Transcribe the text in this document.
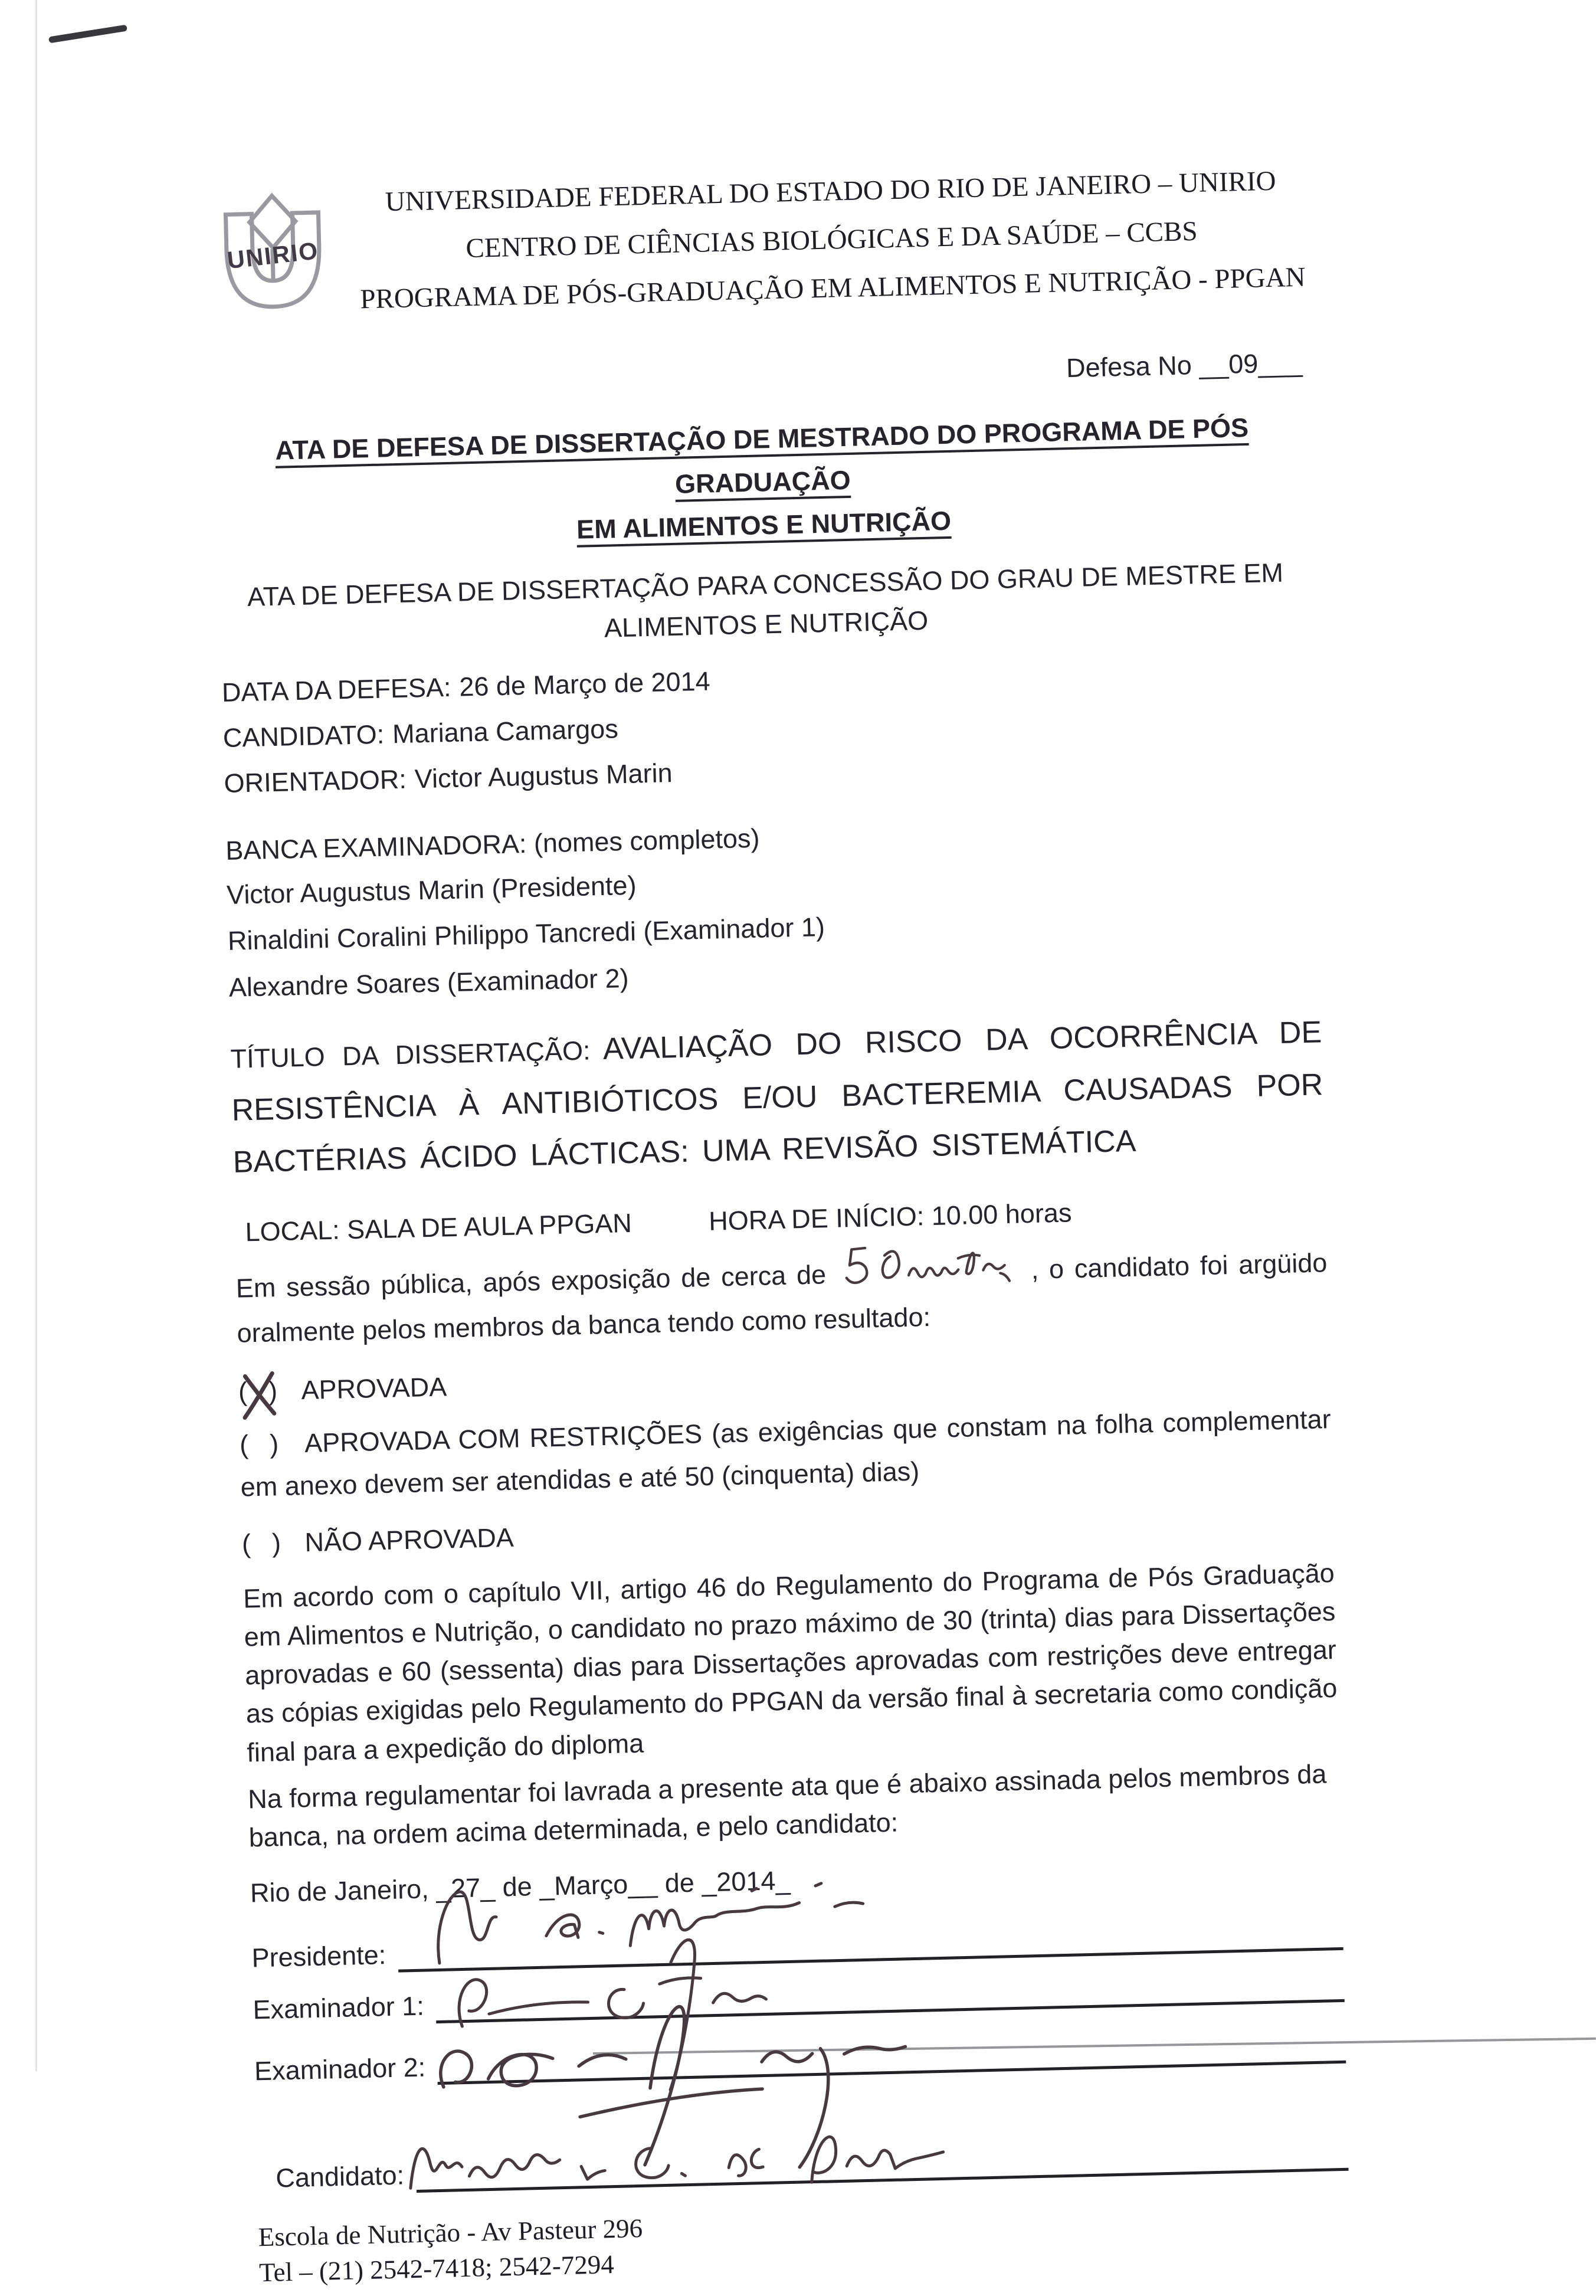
UNIRIO
UNIVERSIDADE FEDERAL DO ESTADO DO RIO DE JANEIRO – UNIRIO
CENTRO DE CIÊNCIAS BIOLÓGICAS E DA SAÚDE – CCBS
PROGRAMA DE PÓS-GRADUAÇÃO EM ALIMENTOS E NUTRIÇÃO - PPGAN
Defesa No __09___
ATA DE DEFESA DE DISSERTAÇÃO DE MESTRADO DO PROGRAMA DE PÓS GRADUAÇÃO
EM ALIMENTOS E NUTRIÇÃO
ATA DE DEFESA DE DISSERTAÇÃO PARA CONCESSÃO DO GRAU DE MESTRE EM
ALIMENTOS E NUTRIÇÃO
DATA DA DEFESA: 26 de Março de 2014
CANDIDATO: Mariana Camargos
ORIENTADOR: Victor Augustus Marin
BANCA EXAMINADORA: (nomes completos)
Victor Augustus Marin (Presidente)
Rinaldini Coralini Philippo Tancredi (Examinador 1)
Alexandre Soares (Examinador 2)
TÍTULO DA DISSERTAÇÃO: AVALIAÇÃO DO RISCO DA OCORRÊNCIA DE RESISTÊNCIA À ANTIBIÓTICOS E/OU BACTEREMIA CAUSADAS POR BACTÉRIAS ÁCIDO LÁCTICAS: UMA REVISÃO SISTEMÁTICA
LOCAL: SALA DE AULA PPGAN	HORA DE INÍCIO: 10.00 horas
Em sessão pública, após exposição de cerca de	, o candidato foi argüido oralmente pelos membros da banca tendo como resultado:
( ) APROVADA
( ) APROVADA COM RESTRIÇÕES (as exigências que constam na folha complementar em anexo devem ser atendidas e até 50 (cinquenta) dias)
( ) NÃO APROVADA
Em acordo com o capítulo VII, artigo 46 do Regulamento do Programa de Pós Graduação em Alimentos e Nutrição, o candidato no prazo máximo de 30 (trinta) dias para Dissertações aprovadas e 60 (sessenta) dias para Dissertações aprovadas com restrições deve entregar as cópias exigidas pelo Regulamento do PPGAN da versão final à secretaria como condição final para a expedição do diploma
Na forma regulamentar foi lavrada a presente ata que é abaixo assinada pelos membros da banca, na ordem acima determinada, e pelo candidato:
Rio de Janeiro, _27_ de _Março__ de _2014_
Presidente:
Examinador 1:
Examinador 2:
Candidato:
Escola de Nutrição - Av Pasteur 296
Tel – (21) 2542-7418; 2542-7294
